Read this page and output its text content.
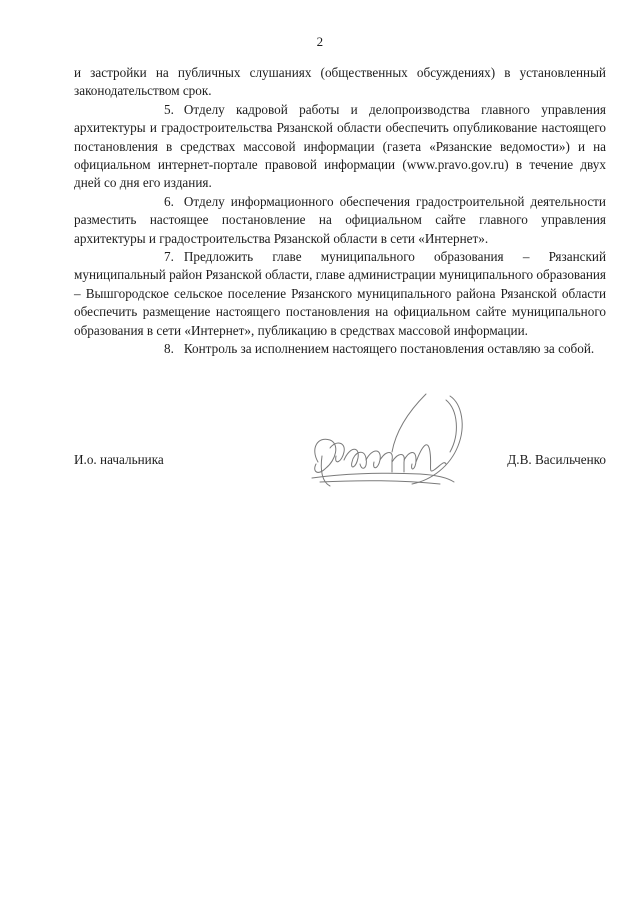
2

и застройки на публичных слушаниях (общественных обсуждениях) в установленный законодательством срок.

5. Отделу кадровой работы и делопроизводства главного управления архитектуры и градостроительства Рязанской области обеспечить опубликование настоящего постановления в средствах массовой информации (газета «Рязанские ведомости») и на официальном интернет-портале правовой информации (www.pravo.gov.ru) в течение двух дней со дня его издания.

6. Отделу информационного обеспечения градостроительной деятельности разместить настоящее постановление на официальном сайте главного управления архитектуры и градостроительства Рязанской области в сети «Интернет».

7. Предложить главе муниципального образования – Рязанский муниципальный район Рязанской области, главе администрации муниципального образования – Вышгородское сельское поселение Рязанского муниципального района Рязанской области обеспечить размещение настоящего постановления на официальном сайте муниципального образования в сети «Интернет», публикацию в средствах массовой информации.

8. Контроль за исполнением настоящего постановления оставляю за собой.

И.о. начальника	Д.В. Васильченко
